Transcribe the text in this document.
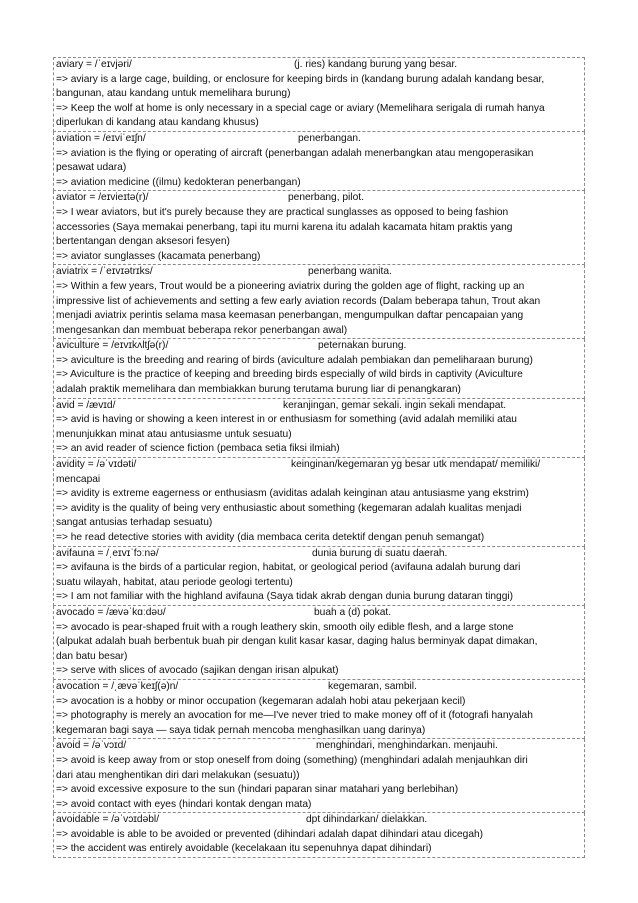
aviary = /ˈeɪvjəri/	(j. ries) kandang burung yang besar.
=> aviary is a large cage, building, or enclosure for keeping birds in (kandang burung adalah kandang besar,
bangunan, atau kandang untuk memelihara burung)
=> Keep the wolf at home is only necessary in a special cage or aviary (Memelihara serigala di rumah hanya
diperlukan di kandang atau kandang khusus)
aviation = /eɪviˈeɪʃn/	penerbangan.
=> aviation is the flying or operating of aircraft (penerbangan adalah menerbangkan atau mengoperasikan
pesawat udara)
=> aviation medicine ((ilmu) kedokteran penerbangan)
aviator = /eɪvieɪtə(r)/	penerbang, pilot.
=> I wear aviators, but it's purely because they are practical sunglasses as opposed to being fashion
accessories (Saya memakai penerbang, tapi itu murni karena itu adalah kacamata hitam praktis yang
bertentangan dengan aksesori fesyen)
=> aviator sunglasses (kacamata penerbang)
aviatrix = /ˈeɪvɪətrɪks/	penerbang wanita.
=> Within a few years, Trout would be a pioneering aviatrix during the golden age of flight, racking up an
impressive list of achievements and setting a few early aviation records (Dalam beberapa tahun, Trout akan
menjadi aviatrix perintis selama masa keemasan penerbangan, mengumpulkan daftar pencapaian yang
mengesankan dan membuat beberapa rekor penerbangan awal)
aviculture = /eɪvɪkʌltʃə(r)/	peternakan burung.
=> aviculture is the breeding and rearing of birds (aviculture adalah pembiakan dan pemeliharaan burung)
=> Aviculture is the practice of keeping and breeding birds especially of wild birds in captivity (Aviculture
adalah praktik memelihara dan membiakkan burung terutama burung liar di penangkaran)
avid = /ævɪd/	keranjingan, gemar sekali. ingin sekali mendapat.
=> avid is having or showing a keen interest in or enthusiasm for something (avid adalah memiliki atau
menunjukkan minat atau antusiasme untuk sesuatu)
=> an avid reader of science fiction (pembaca setia fiksi ilmiah)
avidity = /əˈvɪdəti/	keinginan/kegemaran yg besar utk mendapat/ memiliki/
mencapai
=> avidity is extreme eagerness or enthusiasm (aviditas adalah keinginan atau antusiasme yang ekstrim)
=> avidity is the quality of being very enthusiastic about something (kegemaran adalah kualitas menjadi
sangat antusias terhadap sesuatu)
=> he read detective stories with avidity (dia membaca cerita detektif dengan penuh semangat)
avifauna = /ˌeɪvɪˈfɔːnə/	dunia burung di suatu daerah.
=> avifauna is the birds of a particular region, habitat, or geological period (avifauna adalah burung dari
suatu wilayah, habitat, atau periode geologi tertentu)
=> I am not familiar with the highland avifauna (Saya tidak akrab dengan dunia burung dataran tinggi)
avocado = /ævəˈkɑːdəʊ/	buah a (d) pokat.
=> avocado is pear-shaped fruit with a rough leathery skin, smooth oily edible flesh, and a large stone
(alpukat adalah buah berbentuk buah pir dengan kulit kasar kasar, daging halus berminyak dapat dimakan,
dan batu besar)
=> serve with slices of avocado (sajikan dengan irisan alpukat)
avocation = /ˌævəˈkeɪʃ(ə)n/	kegemaran, sambil.
=> avocation is a hobby or minor occupation (kegemaran adalah hobi atau pekerjaan kecil)
=> photography is merely an avocation for me—I've never tried to make money off of it (fotografi hanyalah
kegemaran bagi saya — saya tidak pernah mencoba menghasilkan uang darinya)
avoid = /əˈvɔɪd/	menghindari, menghindarkan. menjauhi.
=> avoid is keep away from or stop oneself from doing (something) (menghindari adalah menjauhkan diri
dari atau menghentikan diri dari melakukan (sesuatu))
=> avoid excessive exposure to the sun (hindari paparan sinar matahari yang berlebihan)
=> avoid contact with eyes (hindari kontak dengan mata)
avoidable = /əˈvɔɪdəbl/	dpt dihindarkan/ dielakkan.
=> avoidable is able to be avoided or prevented (dihindari adalah dapat dihindari atau dicegah)
=> the accident was entirely avoidable (kecelakaan itu sepenuhnya dapat dihindari)
